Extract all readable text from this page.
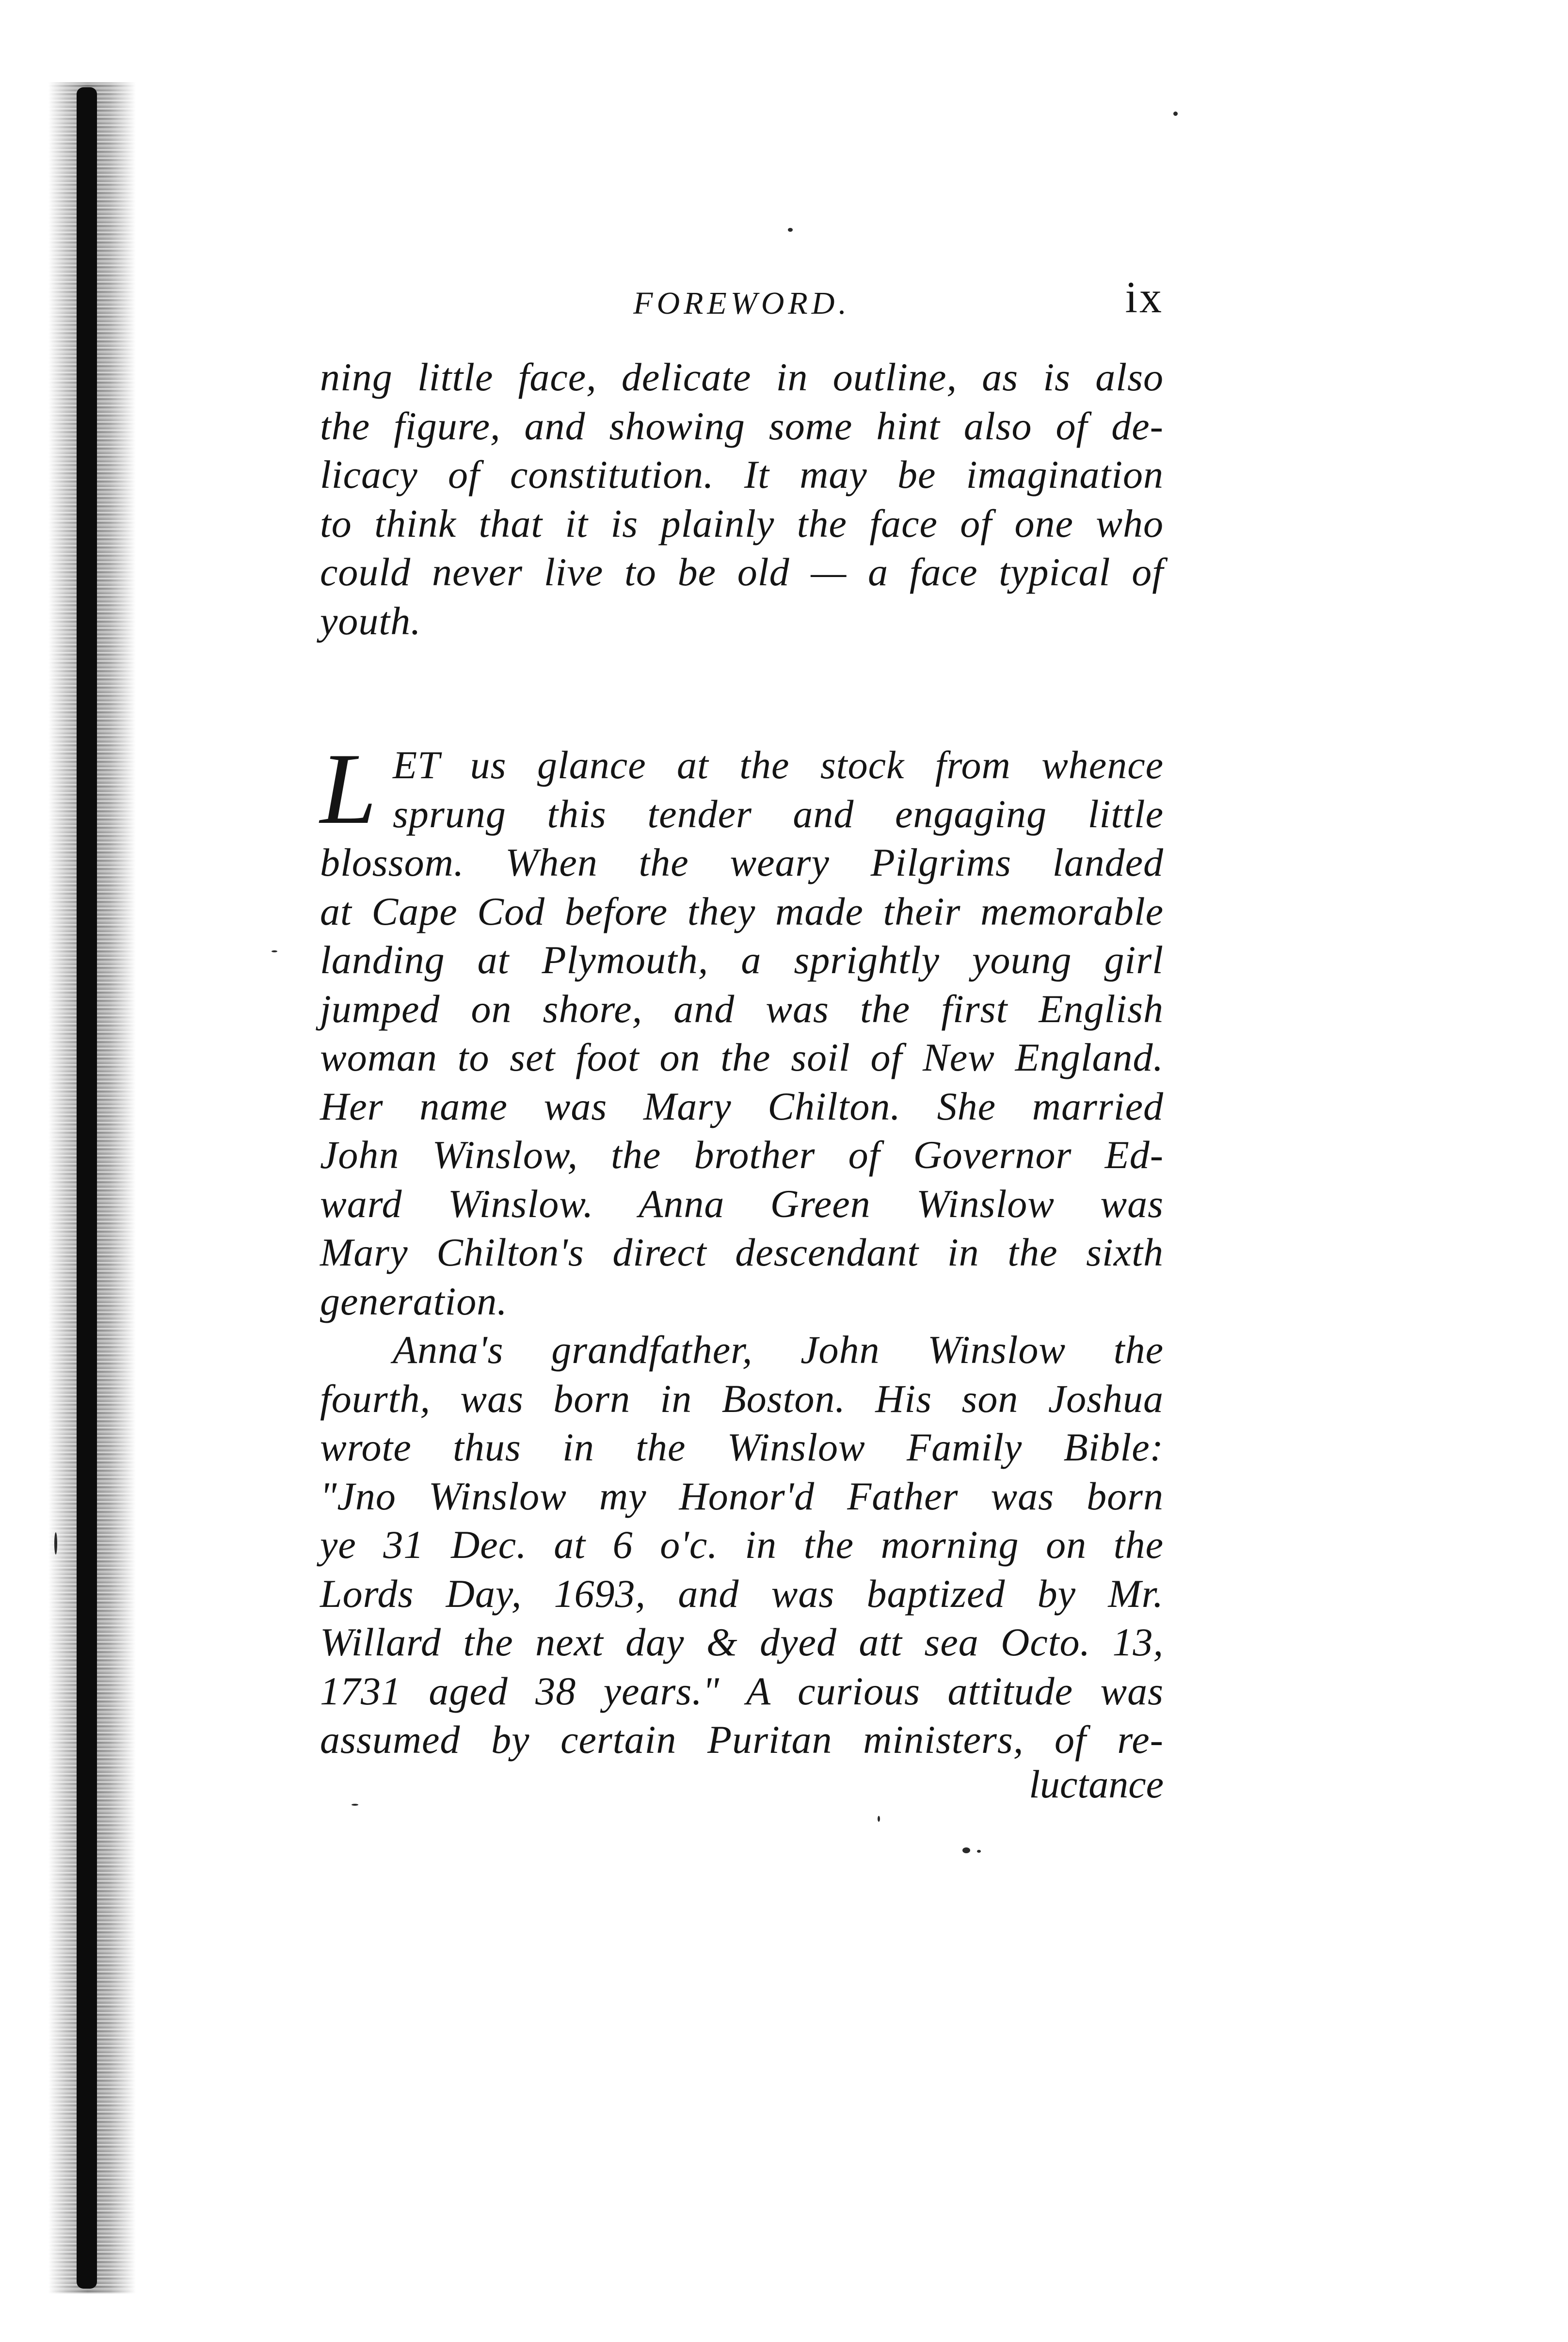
FOREWORD.	ix

ning little face, delicate in outline, as is also

the figure, and showing some hint also of de-

licacy of constitution. It may be imagination

to think that it is plainly the face of one who

could never live to be old — a face typical of

youth.

L ET us glance at the stock from whence

sprung this tender and engaging little

blossom. When the weary Pilgrims landed

at Cape Cod before they made their memorable

landing at Plymouth, a sprightly young girl

jumped on shore, and was the first English

woman to set foot on the soil of New England.

Her name was Mary Chilton. She married

John Winslow, the brother of Governor Ed-

ward Winslow. Anna Green Winslow was

Mary Chilton's direct descendant in the sixth

generation.

Anna's grandfather, John Winslow the

fourth, was born in Boston. His son Joshua

wrote thus in the Winslow Family Bible:

"Jno Winslow my Honor'd Father was born

ye 31 Dec. at 6 o'c. in the morning on the

Lords Day, 1693, and was baptized by Mr.

Willard the next day & dyed att sea Octo. 13,

1731 aged 38 years." A curious attitude was

assumed by certain Puritan ministers, of re-

luctance
